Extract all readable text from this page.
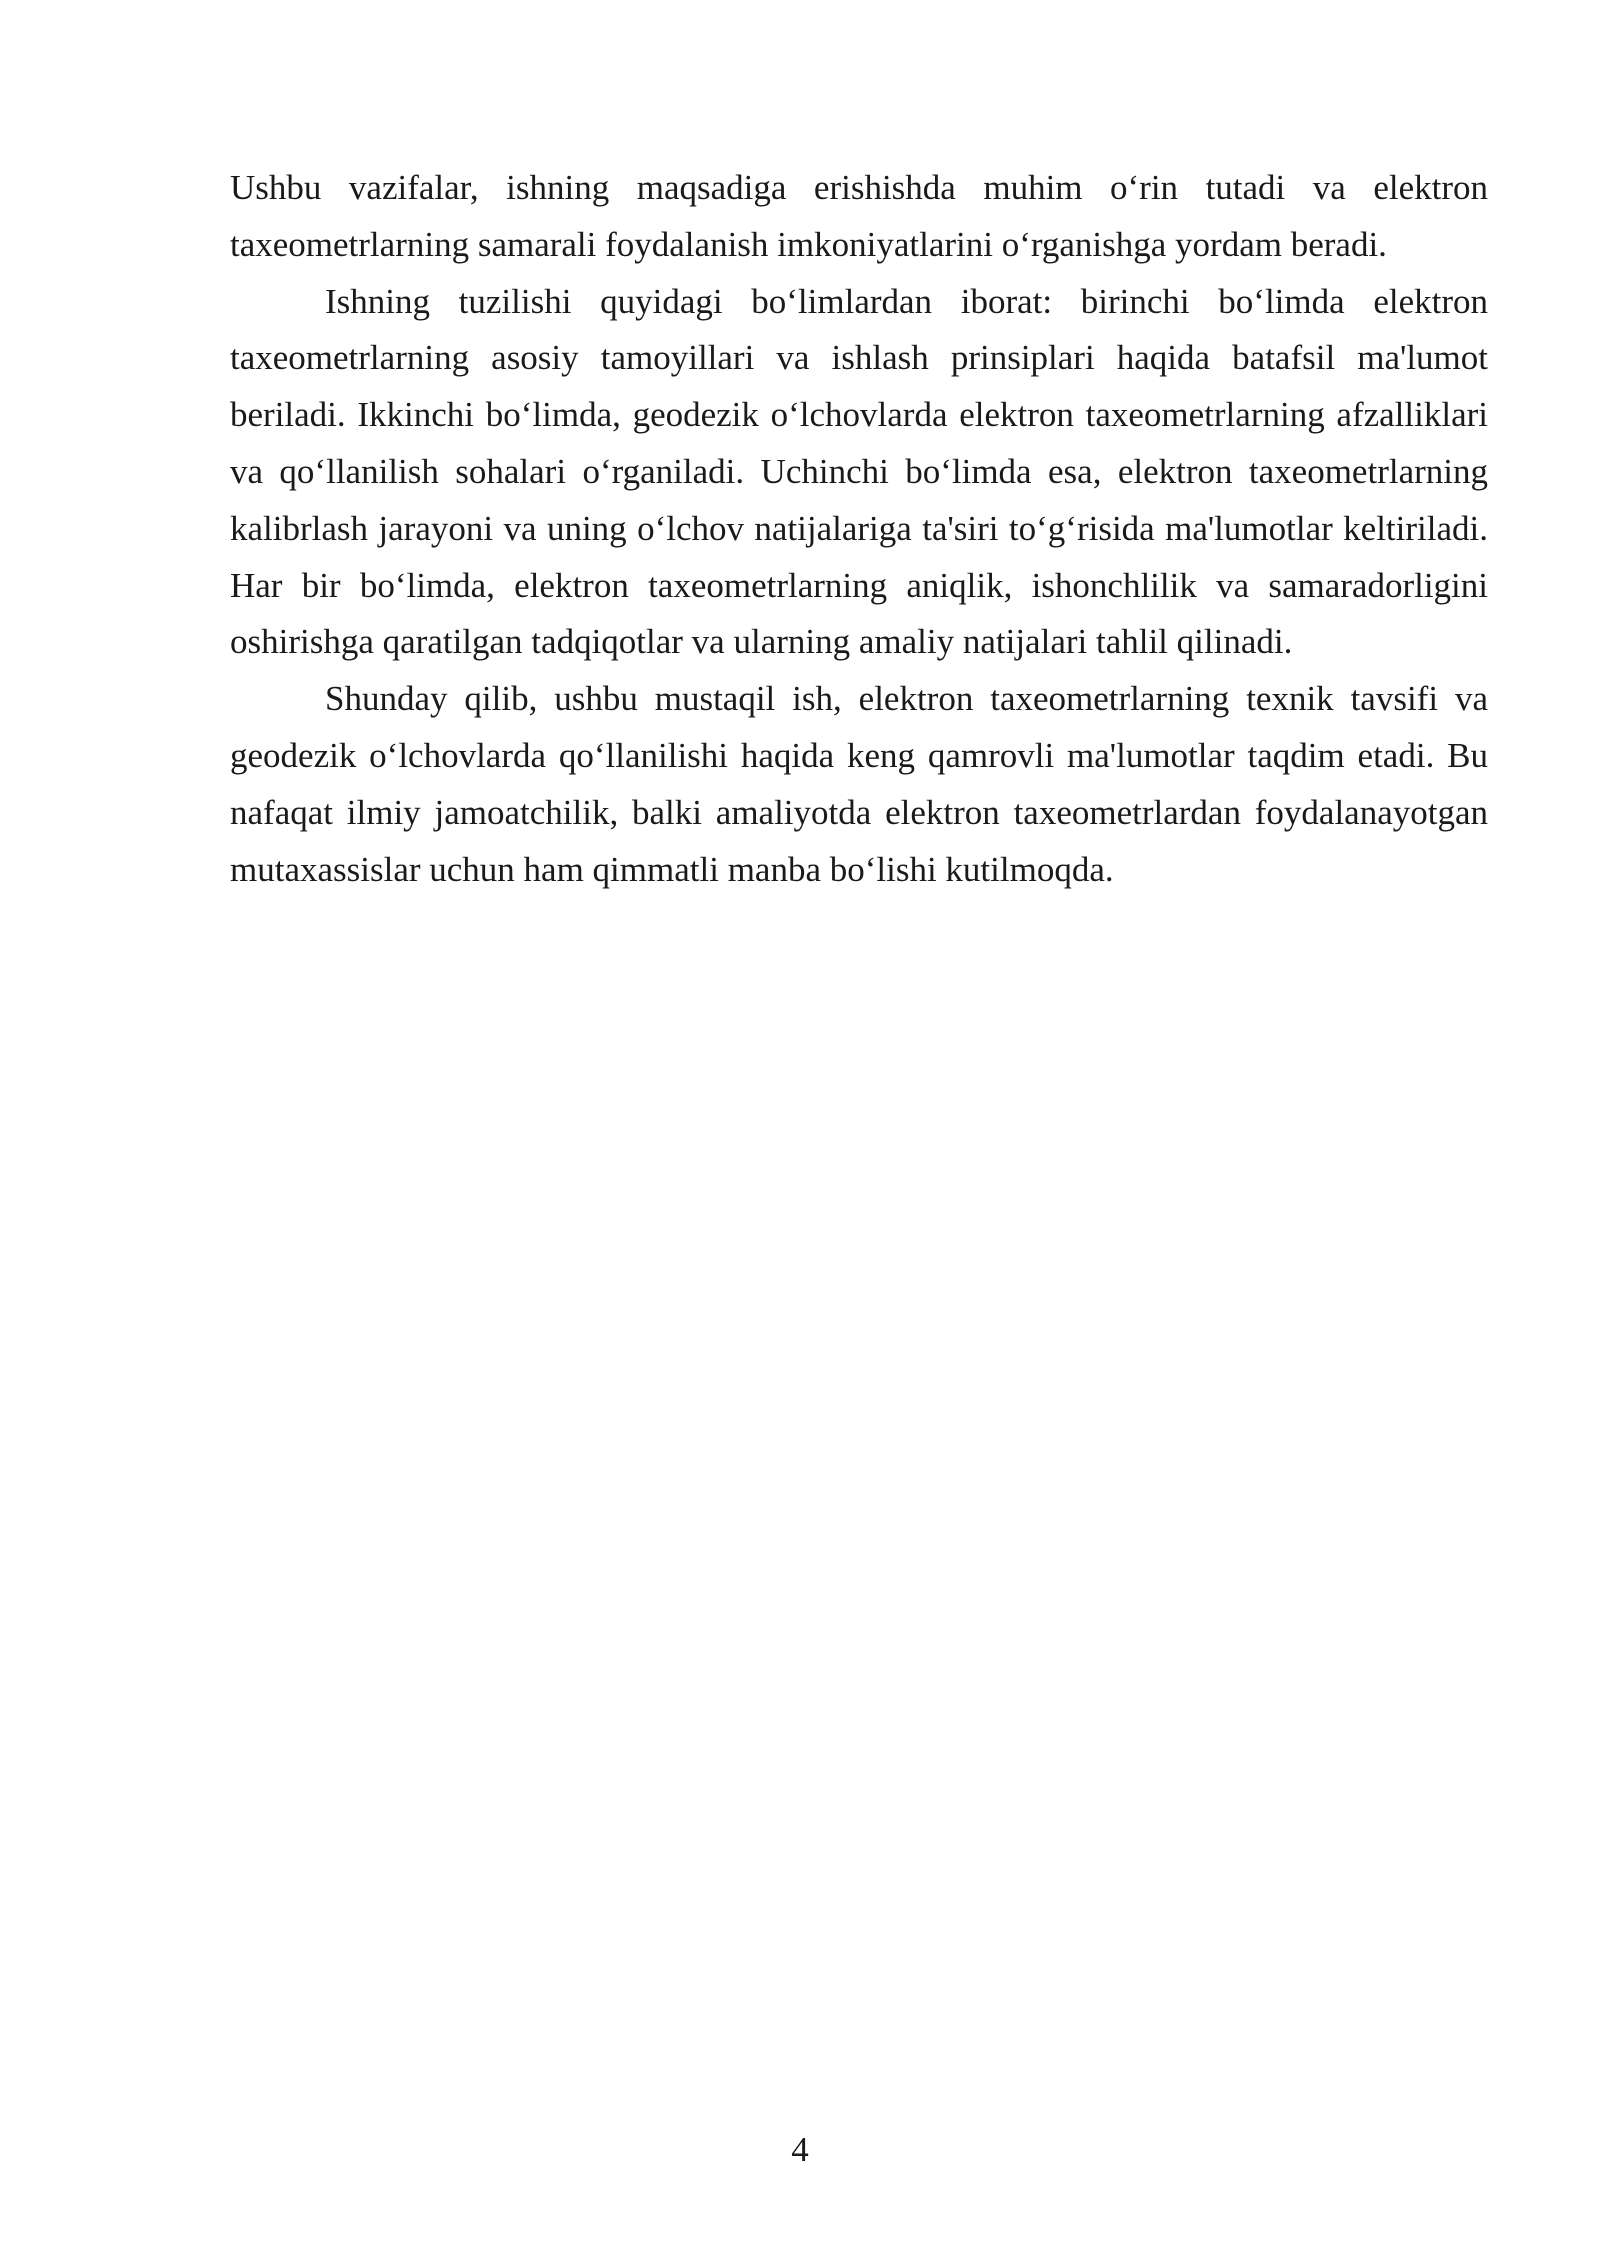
Ushbu vazifalar, ishning maqsadiga erishishda muhim o‘rin tutadi va elektron taxeometrlarning samarali foydalanish imkoniyatlarini o‘rganishga yordam beradi.

Ishning tuzilishi quyidagi bo‘limlardan iborat: birinchi bo‘limda elektron taxeometrlarning asosiy tamoyillari va ishlash prinsiplari haqida batafsil ma'lumot beriladi. Ikkinchi bo‘limda, geodezik o‘lchovlarda elektron taxeometrlarning afzalliklari va qo‘llanilish sohalari o‘rganiladi. Uchinchi bo‘limda esa, elektron taxeometrlarning kalibrlash jarayoni va uning o‘lchov natijalariga ta'siri to‘g‘risida ma'lumotlar keltiriladi. Har bir bo‘limda, elektron taxeometrlarning aniqlik, ishonchlilik va samaradorligini oshirishga qaratilgan tadqiqotlar va ularning amaliy natijalari tahlil qilinadi.

Shunday qilib, ushbu mustaqil ish, elektron taxeometrlarning texnik tavsifi va geodezik o‘lchovlarda qo‘llanilishi haqida keng qamrovli ma'lumotlar taqdim etadi. Bu nafaqat ilmiy jamoatchilik, balki amaliyotda elektron taxeometrlardan foydalanayotgan mutaxassislar uchun ham qimmatli manba bo‘lishi kutilmoqda.

4
